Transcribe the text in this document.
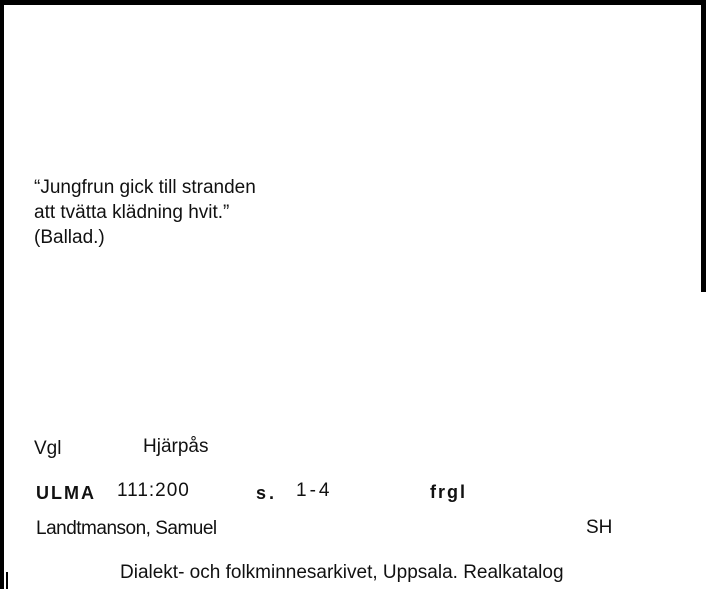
“Jungfrun gick till stranden
att tvätta klädning hvit.”
(Ballad.)
Vgl	Hjärpås
ULMA 111:200	s. 1-4	frgl
Landtmanson, Samuel	SH
Dialekt- och folkminnesarkivet, Uppsala. Realkatalog
